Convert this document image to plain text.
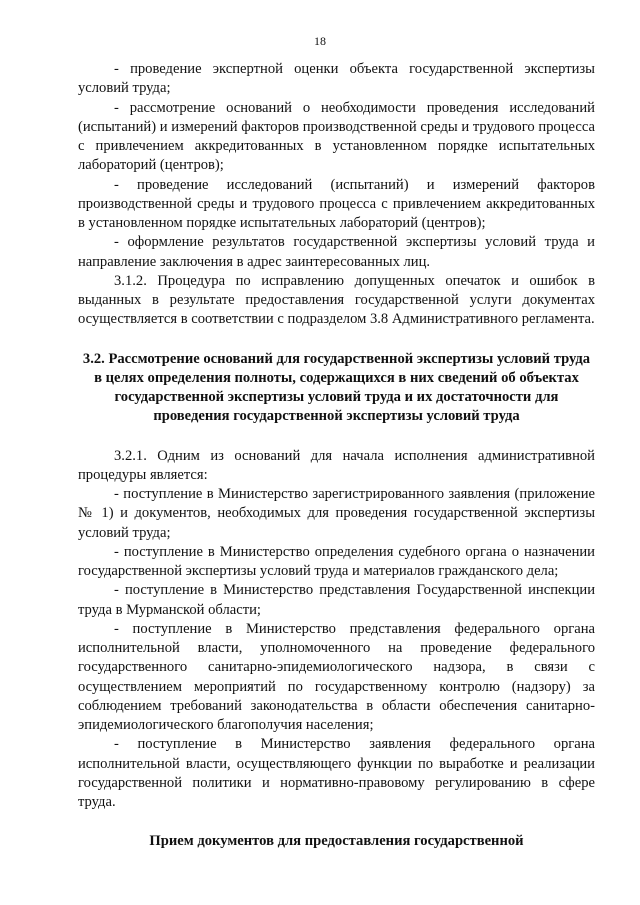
18

- проведение экспертной оценки объекта государственной экспертизы условий труда;

- рассмотрение оснований о необходимости проведения исследований (испытаний) и измерений факторов производственной среды и трудового процесса с привлечением аккредитованных в установленном порядке испытательных лабораторий (центров);

- проведение исследований (испытаний) и измерений факторов производственной среды и трудового процесса с привлечением аккредитованных в установленном порядке испытательных лабораторий (центров);

- оформление результатов государственной экспертизы условий труда и направление заключения в адрес заинтересованных лиц.

3.1.2. Процедура по исправлению допущенных опечаток и ошибок в выданных в результате предоставления государственной услуги документах осуществляется в соответствии с подразделом 3.8 Административного регламента.

3.2. Рассмотрение оснований для государственной экспертизы условий труда в целях определения полноты, содержащихся в них сведений об объектах государственной экспертизы условий труда и их достаточности для проведения государственной экспертизы условий труда

3.2.1. Одним из оснований для начала исполнения административной процедуры является:

- поступление в Министерство зарегистрированного заявления (приложение № 1) и документов, необходимых для проведения государственной экспертизы условий труда;

- поступление в Министерство определения судебного органа о назначении государственной экспертизы условий труда и материалов гражданского дела;

- поступление в Министерство представления Государственной инспекции труда в Мурманской области;

- поступление в Министерство представления федерального органа исполнительной власти, уполномоченного на проведение федерального государственного санитарно-эпидемиологического надзора, в связи с осуществлением мероприятий по государственному контролю (надзору) за соблюдением требований законодательства в области обеспечения санитарно-эпидемиологического благополучия населения;

- поступление в Министерство заявления федерального органа исполнительной власти, осуществляющего функции по выработке и реализации государственной политики и нормативно-правовому регулированию в сфере труда.

Прием документов для предоставления государственной
